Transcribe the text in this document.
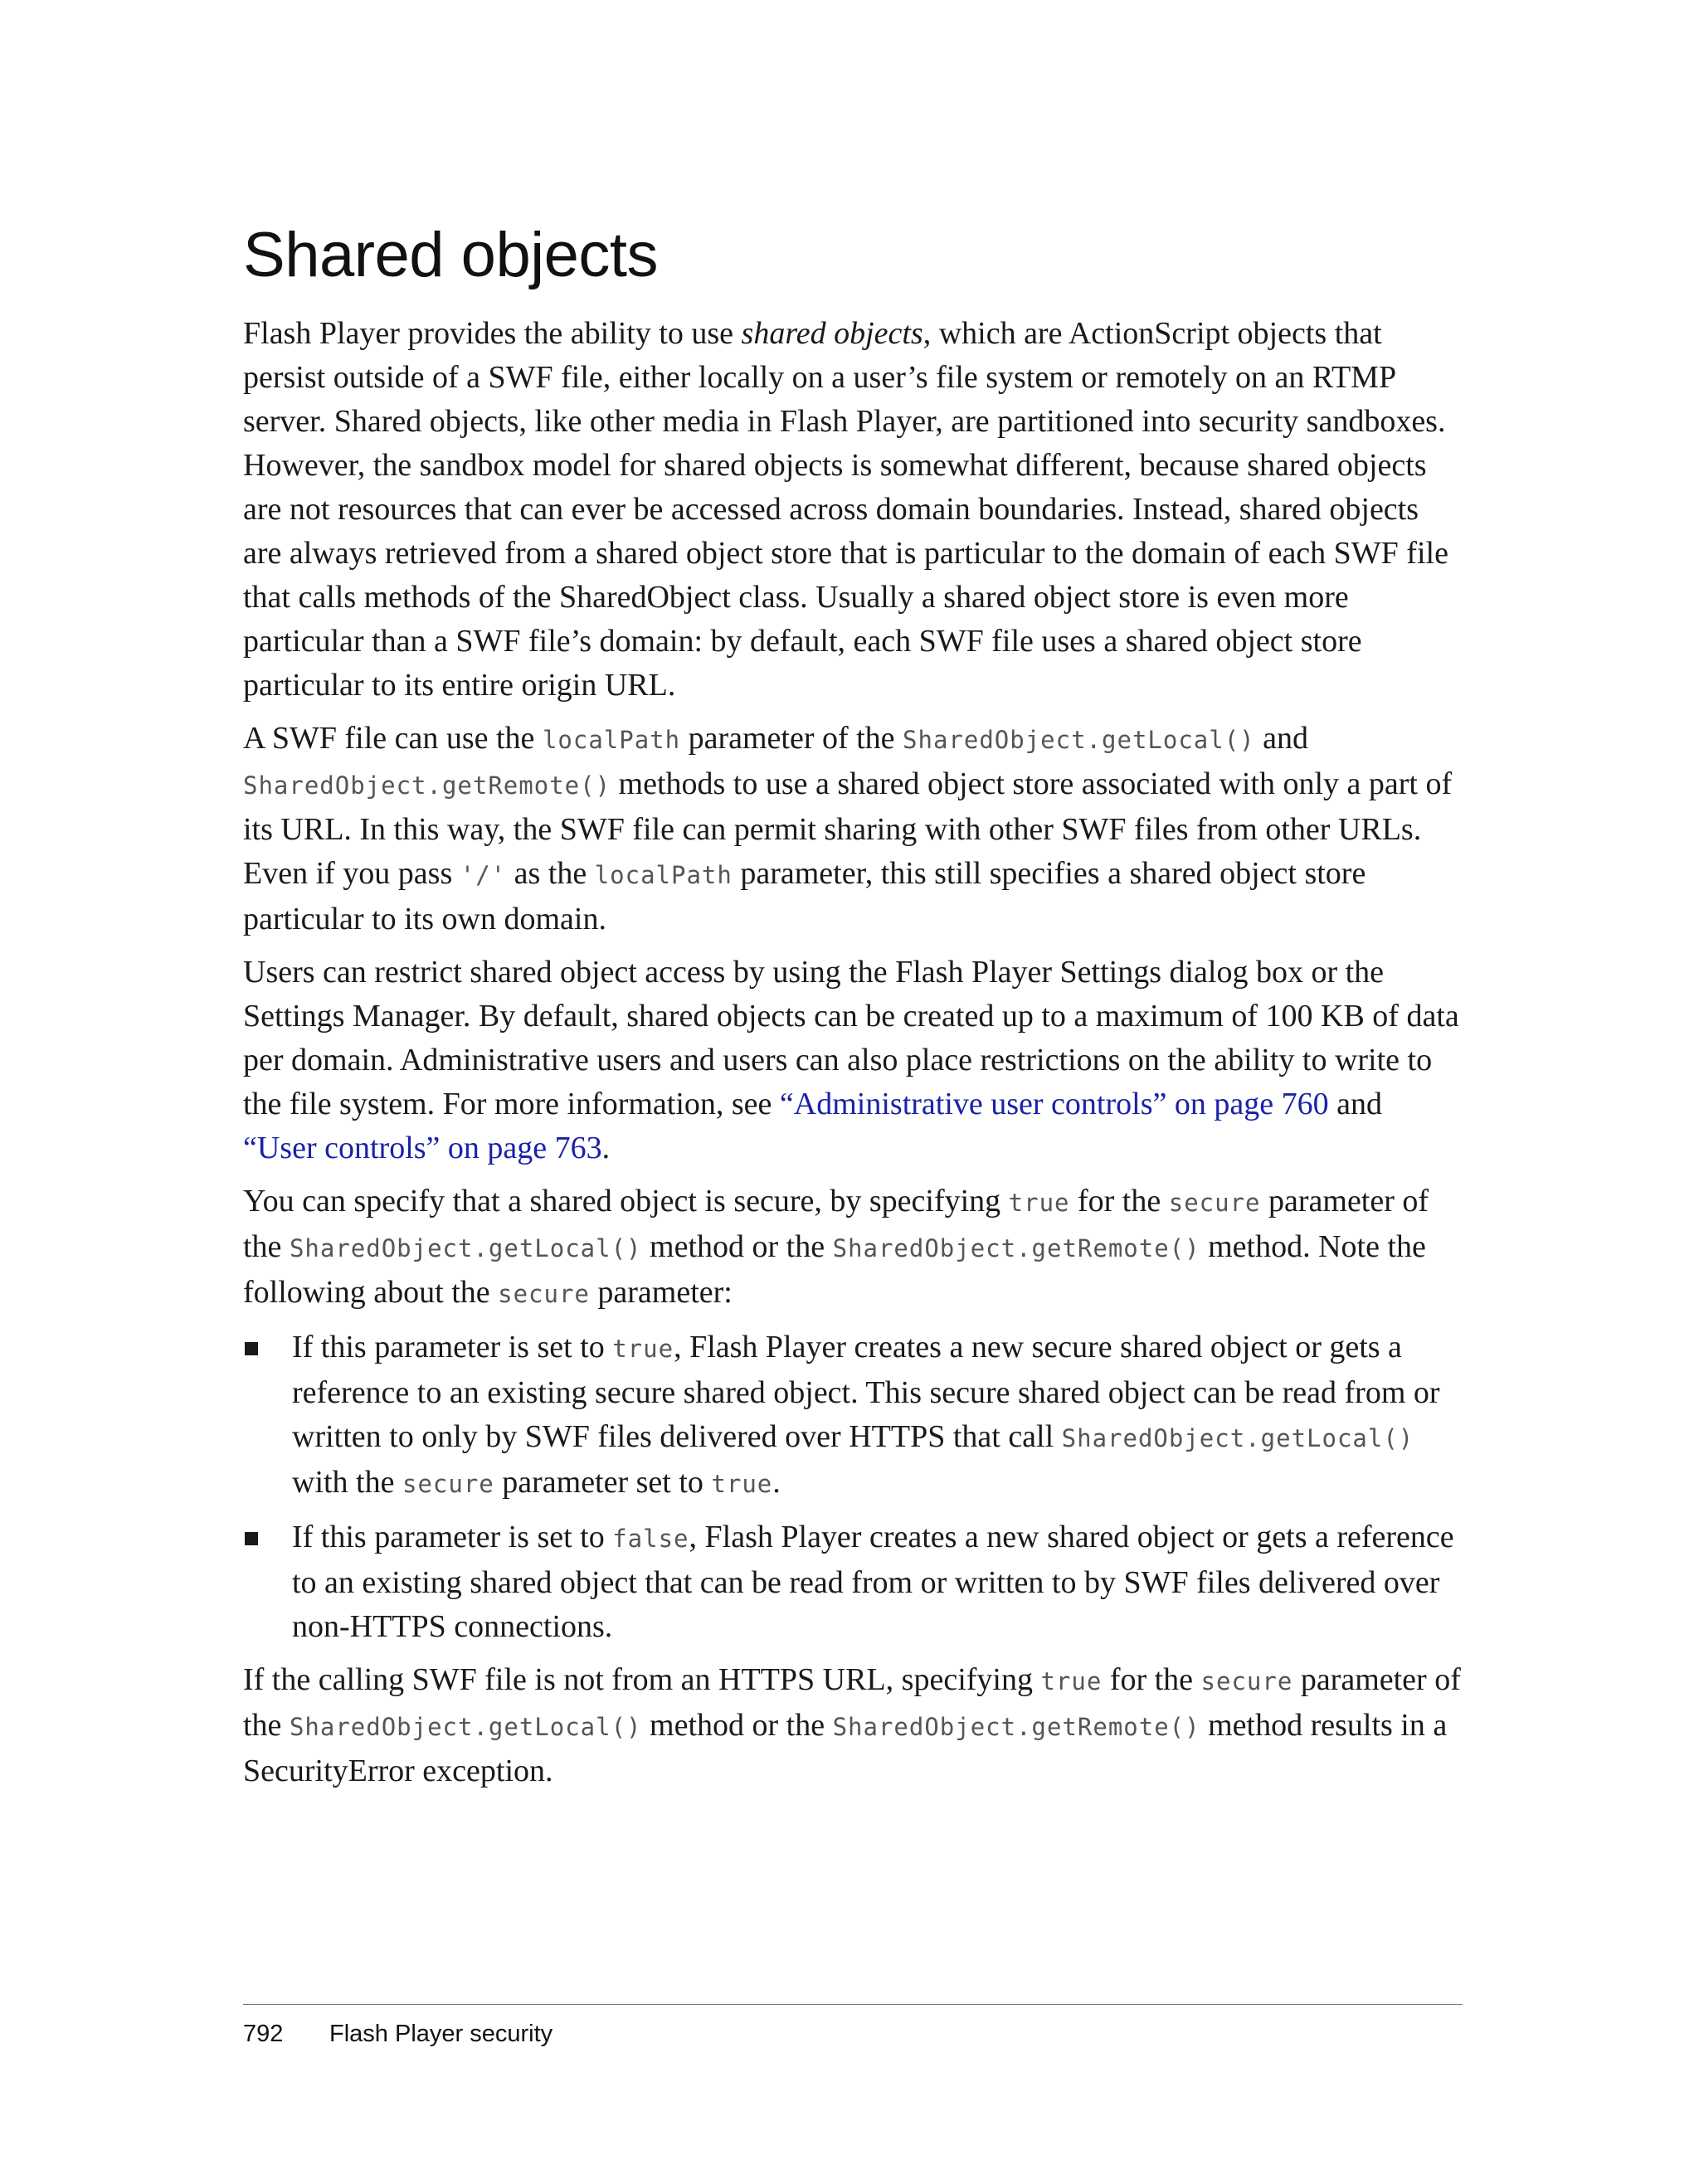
Shared objects

Flash Player provides the ability to use shared objects, which are ActionScript objects that persist outside of a SWF file, either locally on a user’s file system or remotely on an RTMP server. Shared objects, like other media in Flash Player, are partitioned into security sandboxes. However, the sandbox model for shared objects is somewhat different, because shared objects are not resources that can ever be accessed across domain boundaries. Instead, shared objects are always retrieved from a shared object store that is particular to the domain of each SWF file that calls methods of the SharedObject class. Usually a shared object store is even more particular than a SWF file’s domain: by default, each SWF file uses a shared object store particular to its entire origin URL.

A SWF file can use the localPath parameter of the SharedObject.getLocal() and SharedObject.getRemote() methods to use a shared object store associated with only a part of its URL. In this way, the SWF file can permit sharing with other SWF files from other URLs. Even if you pass '/' as the localPath parameter, this still specifies a shared object store particular to its own domain.

Users can restrict shared object access by using the Flash Player Settings dialog box or the Settings Manager. By default, shared objects can be created up to a maximum of 100 KB of data per domain. Administrative users and users can also place restrictions on the ability to write to the file system. For more information, see “Administrative user controls” on page 760 and “User controls” on page 763.

You can specify that a shared object is secure, by specifying true for the secure parameter of the SharedObject.getLocal() method or the SharedObject.getRemote() method. Note the following about the secure parameter:

If this parameter is set to true, Flash Player creates a new secure shared object or gets a reference to an existing secure shared object. This secure shared object can be read from or written to only by SWF files delivered over HTTPS that call SharedObject.getLocal() with the secure parameter set to true.
If this parameter is set to false, Flash Player creates a new shared object or gets a reference to an existing shared object that can be read from or written to by SWF files delivered over non-HTTPS connections.

If the calling SWF file is not from an HTTPS URL, specifying true for the secure parameter of the SharedObject.getLocal() method or the SharedObject.getRemote() method results in a SecurityError exception.

792 Flash Player security
